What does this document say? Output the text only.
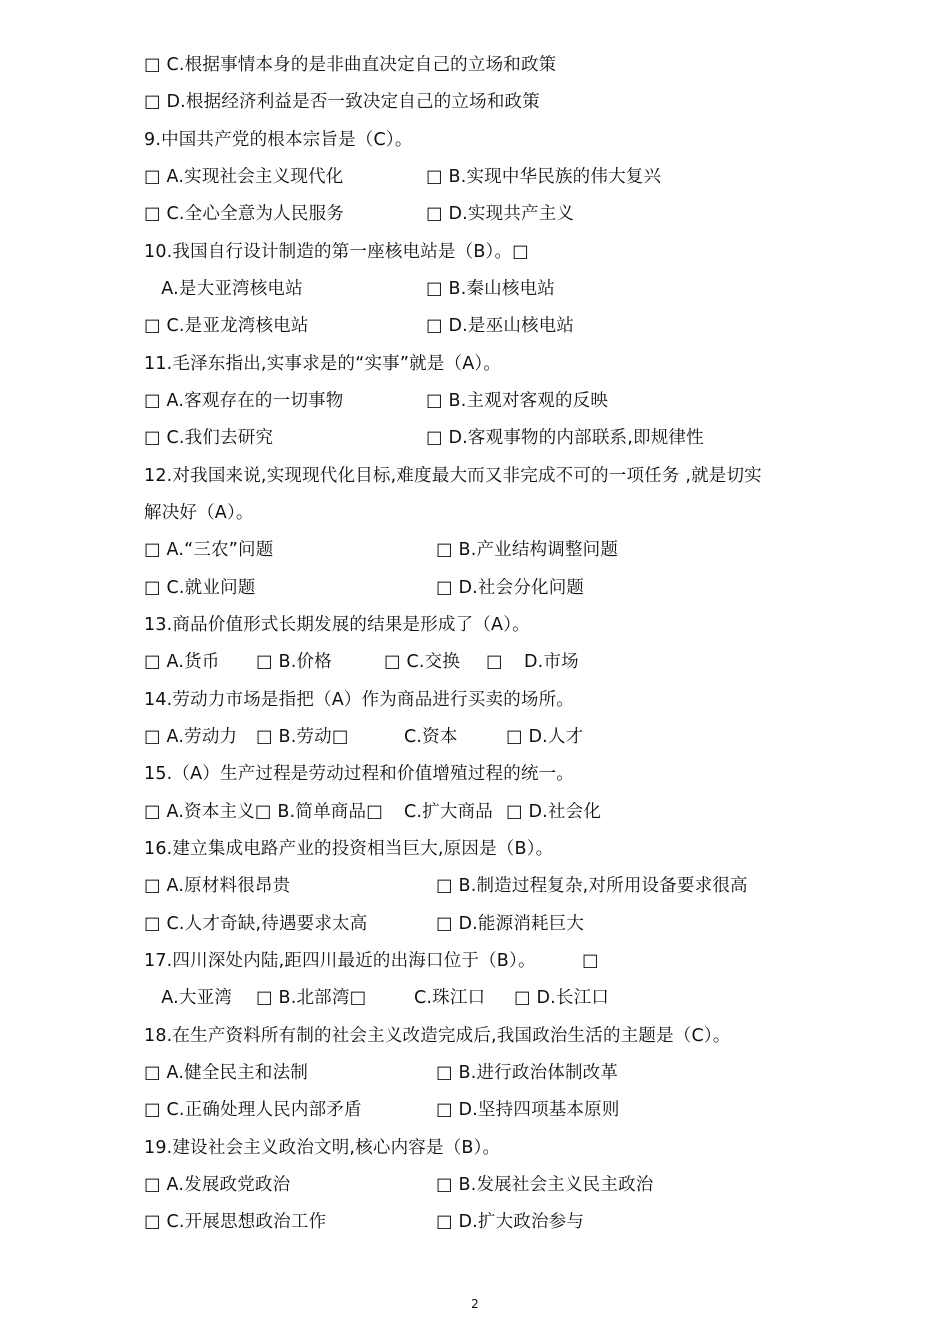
□ C.根据事情本身的是非曲直决定自己的立场和政策
□ D.根据经济利益是否一致决定自己的立场和政策
9.中国共产党的根本宗旨是（C）。
□ A.实现社会主义现代化	□ B.实现中华民族的伟大复兴
□ C.全心全意为人民服务	□ D.实现共产主义
10.我国自行设计制造的第一座核电站是（B）。□
A.是大亚湾核电站	□ B.秦山核电站
□ C.是亚龙湾核电站	□ D.是巫山核电站
11.毛泽东指出,实事求是的“实事”就是（A）。
□ A.客观存在的一切事物	□ B.主观对客观的反映
□ C.我们去研究	□ D.客观事物的内部联系,即规律性
12.对我国来说,实现现代化目标,难度最大而又非完成不可的一项任务 ,就是切实
解决好（A）。
□ A.“三农”问题	□ B.产业结构调整问题
□ C.就业问题	□ D.社会分化问题
13.商品价值形式长期发展的结果是形成了（A）。
□ A.货币 □ B.价格	□ C.交换 □ D.市场
14.劳动力市场是指把（A）作为商品进行买卖的场所。
□ A.劳动力 □ B.劳动□	C.资本	□ D.人才
15.（A）生产过程是劳动过程和价值增殖过程的统一。
□ A.资本主义□ B.简单商品□ C.扩大商品 □ D.社会化
16.建立集成电路产业的投资相当巨大,原因是（B）。
□ A.原材料很昂贵	□ B.制造过程复杂,对所用设备要求很高
□ C.人才奇缺,待遇要求太高	□ D.能源消耗巨大
17.四川深处内陆,距四川最近的出海口位于（B）。	□
A.大亚湾 □ B.北部湾□	C.珠江口 □ D.长江口
18.在生产资料所有制的社会主义改造完成后,我国政治生活的主题是（C）。
□ A.健全民主和法制	□ B.进行政治体制改革
□ C.正确处理人民内部矛盾	□ D.坚持四项基本原则
19.建设社会主义政治文明,核心内容是（B）。
□ A.发展政党政治	□ B.发展社会主义民主政治
□ C.开展思想政治工作	□ D.扩大政治参与
2
